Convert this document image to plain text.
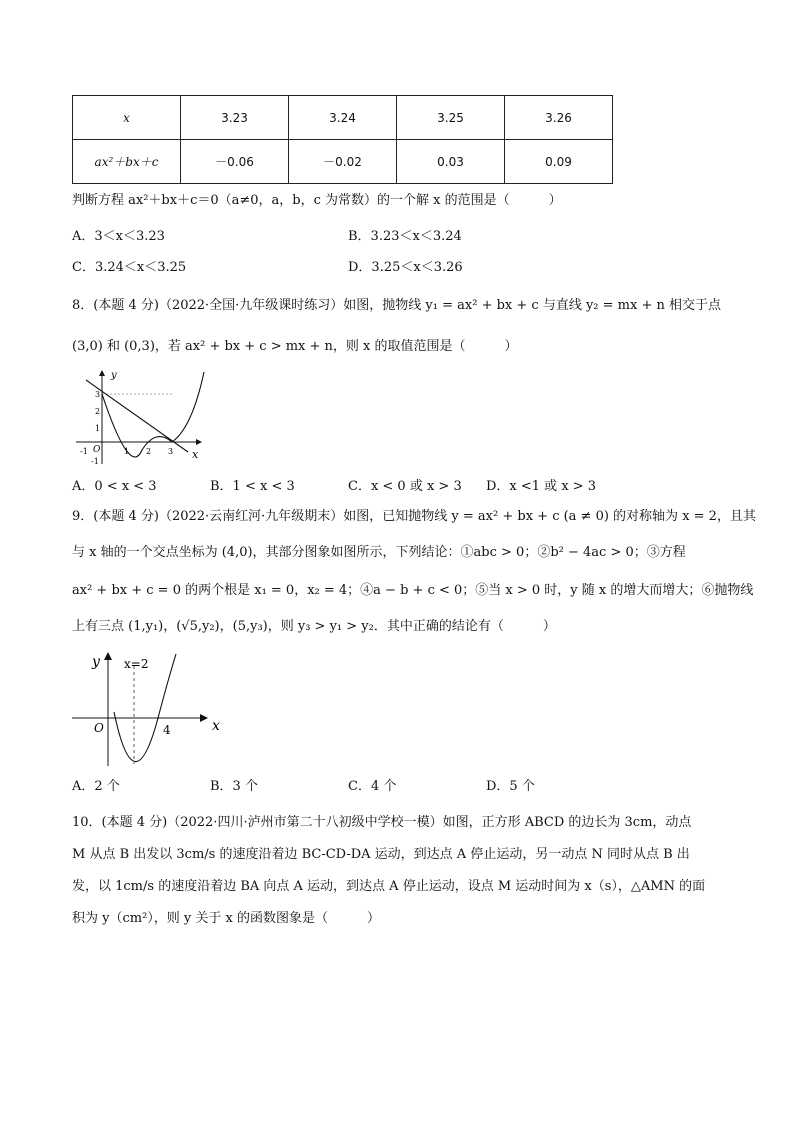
x	3.23	3.24	3.25	3.26
ax²＋bx＋c	－0.06	－0.02	0.03	0.09
判断方程 ax²＋bx＋c＝0（a≠0，a，b，c 为常数）的一个解 x 的范围是（　　　）
A．3＜x＜3.23	B．3.23＜x＜3.24
C．3.24＜x＜3.25	D．3.25＜x＜3.26
8．(本题 4 分)（2022·全国·九年级课时练习）如图，抛物线 y₁ = ax² + bx + c 与直线 y₂ = mx + n 相交于点
(3,0) 和 (0,3)，若 ax² + bx + c > mx + n，则 x 的取值范围是（　　　）
y
x
O
-1	1 2 3
1
2
3
-1
A．0 < x < 3	B．1 < x < 3	C．x < 0 或 x > 3 D．x <1 或 x > 3
9．(本题 4 分)（2022·云南红河·九年级期末）如图，已知抛物线 y = ax² + bx + c (a ≠ 0) 的对称轴为 x = 2，且其
与 x 轴的一个交点坐标为 (4,0)，其部分图象如图所示，下列结论：①abc > 0；②b² − 4ac > 0；③方程
ax² + bx + c = 0 的两个根是 x₁ = 0，x₂ = 4；④a − b + c < 0；⑤当 x > 0 时，y 随 x 的增大而增大；⑥抛物线
上有三点 (1,y₁)，(√5,y₂)，(5,y₃)，则 y₃ > y₁ > y₂．其中正确的结论有（　　　）
y
x
x=2
O	4
A．2 个	B．3 个	C．4 个	D．5 个
10．(本题 4 分)（2022·四川·泸州市第二十八初级中学校一模）如图，正方形 ABCD 的边长为 3cm，动点
M 从点 B 出发以 3cm/s 的速度沿着边 BC-CD-DA 运动，到达点 A 停止运动，另一动点 N 同时从点 B 出
发，以 1cm/s 的速度沿着边 BA 向点 A 运动，到达点 A 停止运动，设点 M 运动时间为 x（s），△AMN 的面
积为 y（cm²），则 y 关于 x 的函数图象是（　　　）
